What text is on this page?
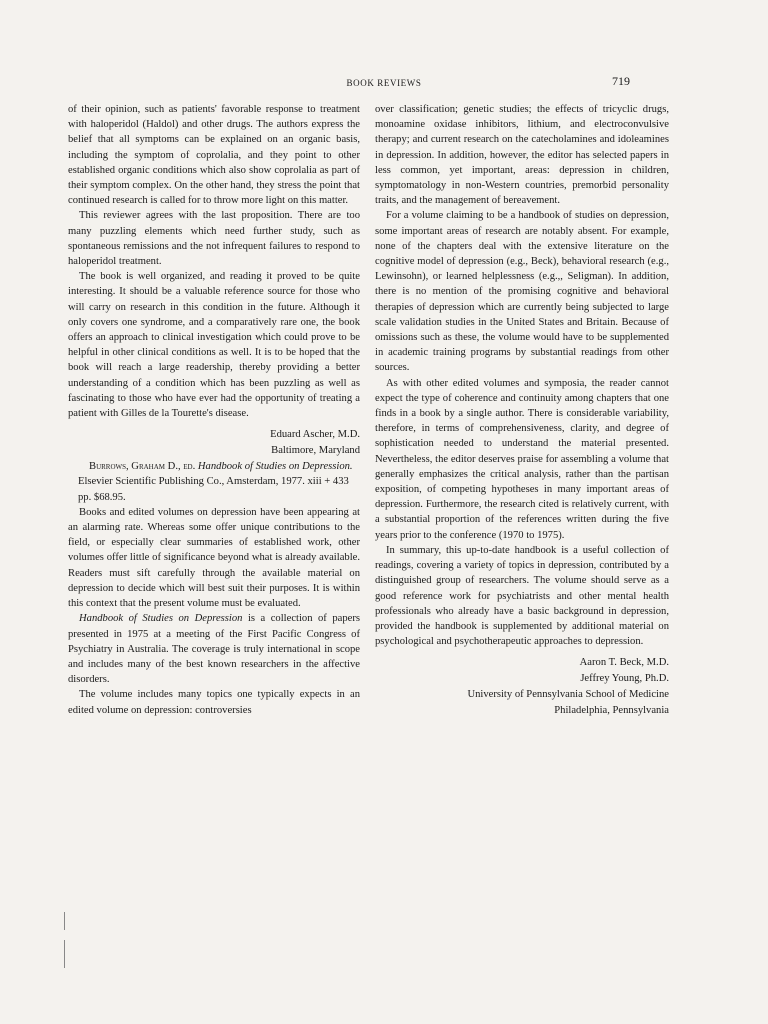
BOOK REVIEWS	719

of their opinion, such as patients' favorable response to treatment with haloperidol (Haldol) and other drugs. The authors express the belief that all symptoms can be explained on an organic basis, including the symptom of coprolalia, and they point to other established organic conditions which also show coprolalia as part of their symptom complex. On the other hand, they stress the point that continued research is called for to throw more light on this matter.

This reviewer agrees with the last proposition. There are too many puzzling elements which need further study, such as spontaneous remissions and the not infrequent failures to respond to haloperidol treatment.

The book is well organized, and reading it proved to be quite interesting. It should be a valuable reference source for those who will carry on research in this condition in the future. Although it only covers one syndrome, and a comparatively rare one, the book offers an approach to clinical investigation which could prove to be helpful in other clinical conditions as well. It is to be hoped that the book will reach a large readership, thereby providing a better understanding of a condition which has been puzzling as well as fascinating to those who have ever had the opportunity of treating a patient with Gilles de la Tourette's disease.

Eduard Ascher, M.D.

Baltimore, Maryland

Burrows, Graham D., ed. Handbook of Studies on Depression. Elsevier Scientific Publishing Co., Amsterdam, 1977. xiii + 433 pp. $68.95.

Books and edited volumes on depression have been appearing at an alarming rate. Whereas some offer unique contributions to the field, or especially clear summaries of established work, other volumes offer little of significance beyond what is already available. Readers must sift carefully through the available material on depression to decide which will best suit their purposes. It is within this context that the present volume must be evaluated.

Handbook of Studies on Depression is a collection of papers presented in 1975 at a meeting of the First Pacific Congress of Psychiatry in Australia. The coverage is truly international in scope and includes many of the best known researchers in the affective disorders.

The volume includes many topics one typically expects in an edited volume on depression: controversies

over classification; genetic studies; the effects of tricyclic drugs, monoamine oxidase inhibitors, lithium, and electroconvulsive therapy; and current research on the catecholamines and idoleamines in depression. In addition, however, the editor has selected papers in less common, yet important, areas: depression in children, symptomatology in non-Western countries, premorbid personality traits, and the management of bereavement.

For a volume claiming to be a handbook of studies on depression, some important areas of research are notably absent. For example, none of the chapters deal with the extensive literature on the cognitive model of depression (e.g., Beck), behavioral research (e.g., Lewinsohn), or learned helplessness (e.g.,, Seligman). In addition, there is no mention of the promising cognitive and behavioral therapies of depression which are currently being subjected to large scale validation studies in the United States and Britain. Because of omissions such as these, the volume would have to be supplemented in academic training programs by substantial readings from other sources.

As with other edited volumes and symposia, the reader cannot expect the type of coherence and continuity among chapters that one finds in a book by a single author. There is considerable variability, therefore, in terms of comprehensiveness, clarity, and degree of sophistication needed to understand the material presented. Nevertheless, the editor deserves praise for assembling a volume that generally emphasizes the critical analysis, rather than the partisan exposition, of competing hypotheses in many important areas of depression. Furthermore, the research cited is relatively current, with a substantial proportion of the references written during the five years prior to the conference (1970 to 1975).

In summary, this up-to-date handbook is a useful collection of readings, covering a variety of topics in depression, contributed by a distinguished group of researchers. The volume should serve as a good reference work for psychiatrists and other mental health professionals who already have a basic background in depression, provided the handbook is supplemented by additional material on psychological and psychotherapeutic approaches to depression.

Aaron T. Beck, M.D.

Jeffrey Young, Ph.D.

University of Pennsylvania School of Medicine

Philadelphia, Pennsylvania
